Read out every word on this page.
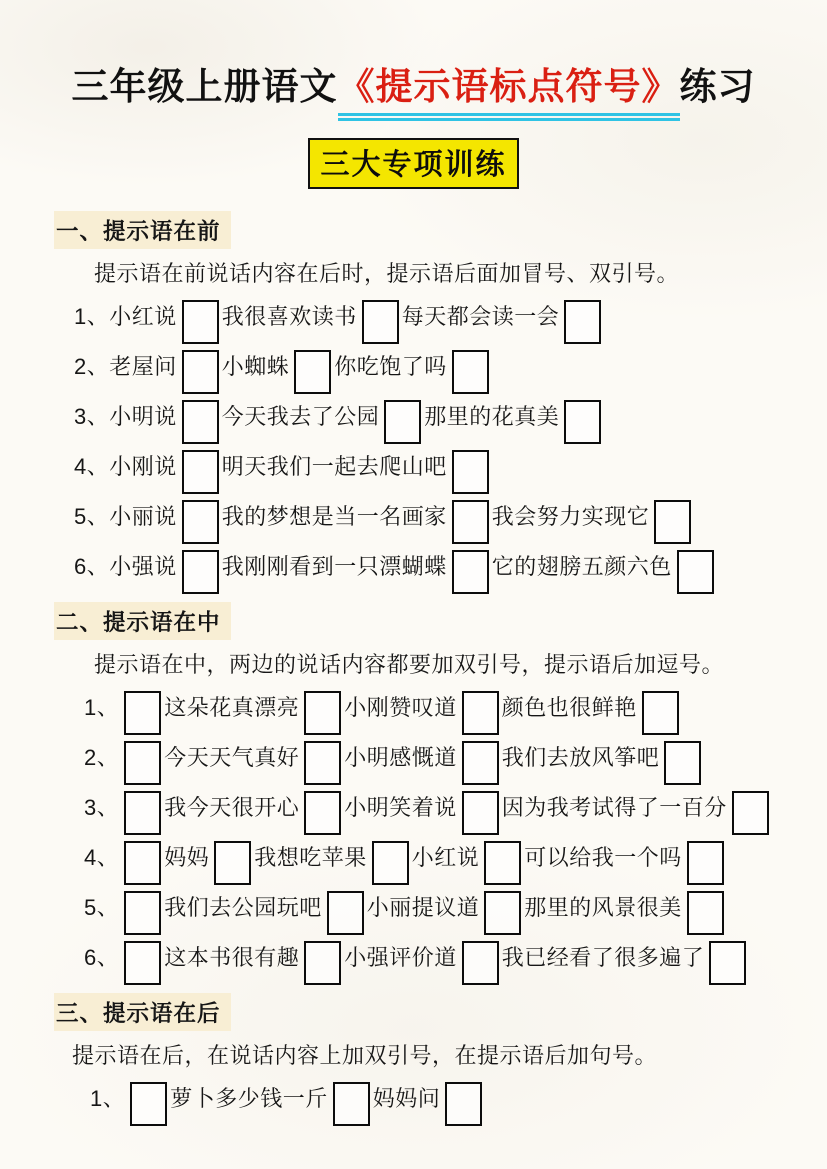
三年级上册语文《提示语标点符号》练习
三大专项训练
一、提示语在前
提示语在前说话内容在后时，提示语后面加冒号、双引号。
1、小红说 我很喜欢读书 每天都会读一会
2、老屋问 小蜘蛛 你吃饱了吗
3、小明说 今天我去了公园 那里的花真美
4、小刚说 明天我们一起去爬山吧
5、小丽说 我的梦想是当一名画家 我会努力实现它
6、小强说 我刚刚看到一只漂蝴蝶 它的翅膀五颜六色
二、提示语在中
提示语在中，两边的说话内容都要加双引号，提示语后加逗号。
1、 这朵花真漂亮 小刚赞叹道 颜色也很鲜艳
2、 今天天气真好 小明感慨道 我们去放风筝吧
3、 我今天很开心 小明笑着说 因为我考试得了一百分
4、 妈妈 我想吃苹果 小红说 可以给我一个吗
5、 我们去公园玩吧 小丽提议道 那里的风景很美
6、 这本书很有趣 小强评价道 我已经看了很多遍了
三、提示语在后
提示语在后，在说话内容上加双引号，在提示语后加句号。
1、 萝卜多少钱一斤 妈妈问
